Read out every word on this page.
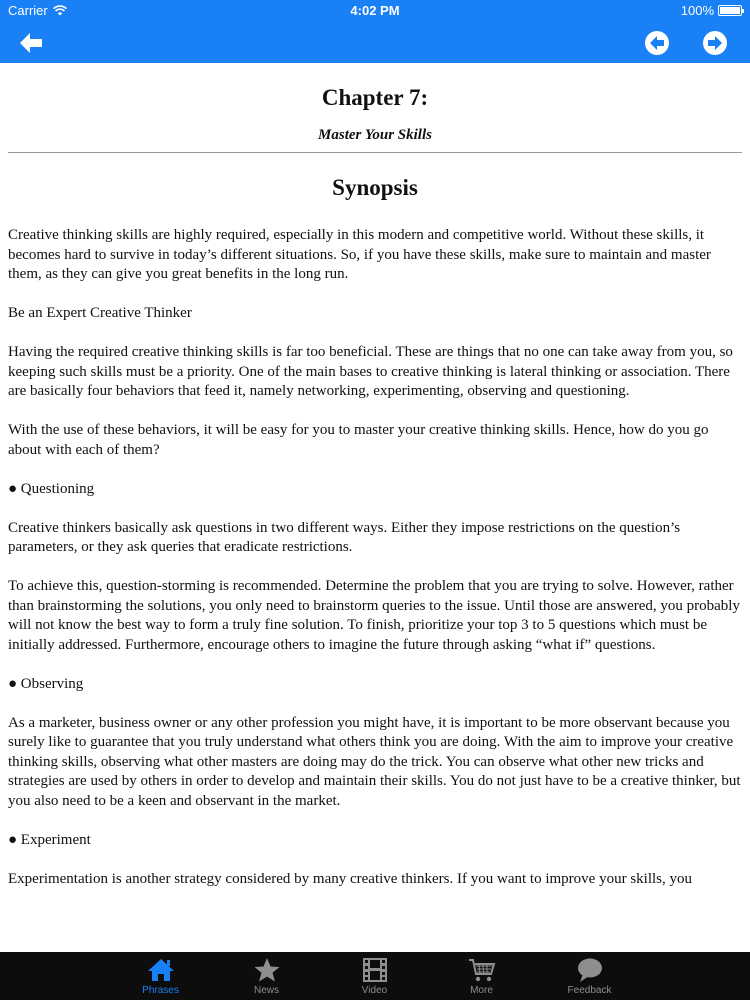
Carrier	4:02 PM	100%
Chapter 7:
Master Your Skills
Synopsis

Creative thinking skills are highly required, especially in this modern and competitive world. Without these skills, it becomes hard to survive in today’s different situations. So, if you have these skills, make sure to maintain and master them, as they can give you great benefits in the long run.

Be an Expert Creative Thinker

Having the required creative thinking skills is far too beneficial. These are things that no one can take away from you, so keeping such skills must be a priority. One of the main bases to creative thinking is lateral thinking or association. There are basically four behaviors that feed it, namely networking, experimenting, observing and questioning.

With the use of these behaviors, it will be easy for you to master your creative thinking skills. Hence, how do you go about with each of them?

● Questioning

Creative thinkers basically ask questions in two different ways. Either they impose restrictions on the question’s parameters, or they ask queries that eradicate restrictions.

To achieve this, question-storming is recommended. Determine the problem that you are trying to solve. However, rather than brainstorming the solutions, you only need to brainstorm queries to the issue. Until those are answered, you probably will not know the best way to form a truly fine solution. To finish, prioritize your top 3 to 5 questions which must be initially addressed. Furthermore, encourage others to imagine the future through asking “what if” questions.

● Observing

As a marketer, business owner or any other profession you might have, it is important to be more observant because you surely like to guarantee that you truly understand what others think you are doing. With the aim to improve your creative thinking skills, observing what other masters are doing may do the trick. You can observe what other new tricks and strategies are used by others in order to develop and maintain their skills. You do not just have to be a creative thinker, but you also need to be a keen and observant in the market.

● Experiment

Experimentation is another strategy considered by many creative thinkers. If you want to improve your skills, you

Phrases	News	Video	More	Feedback
